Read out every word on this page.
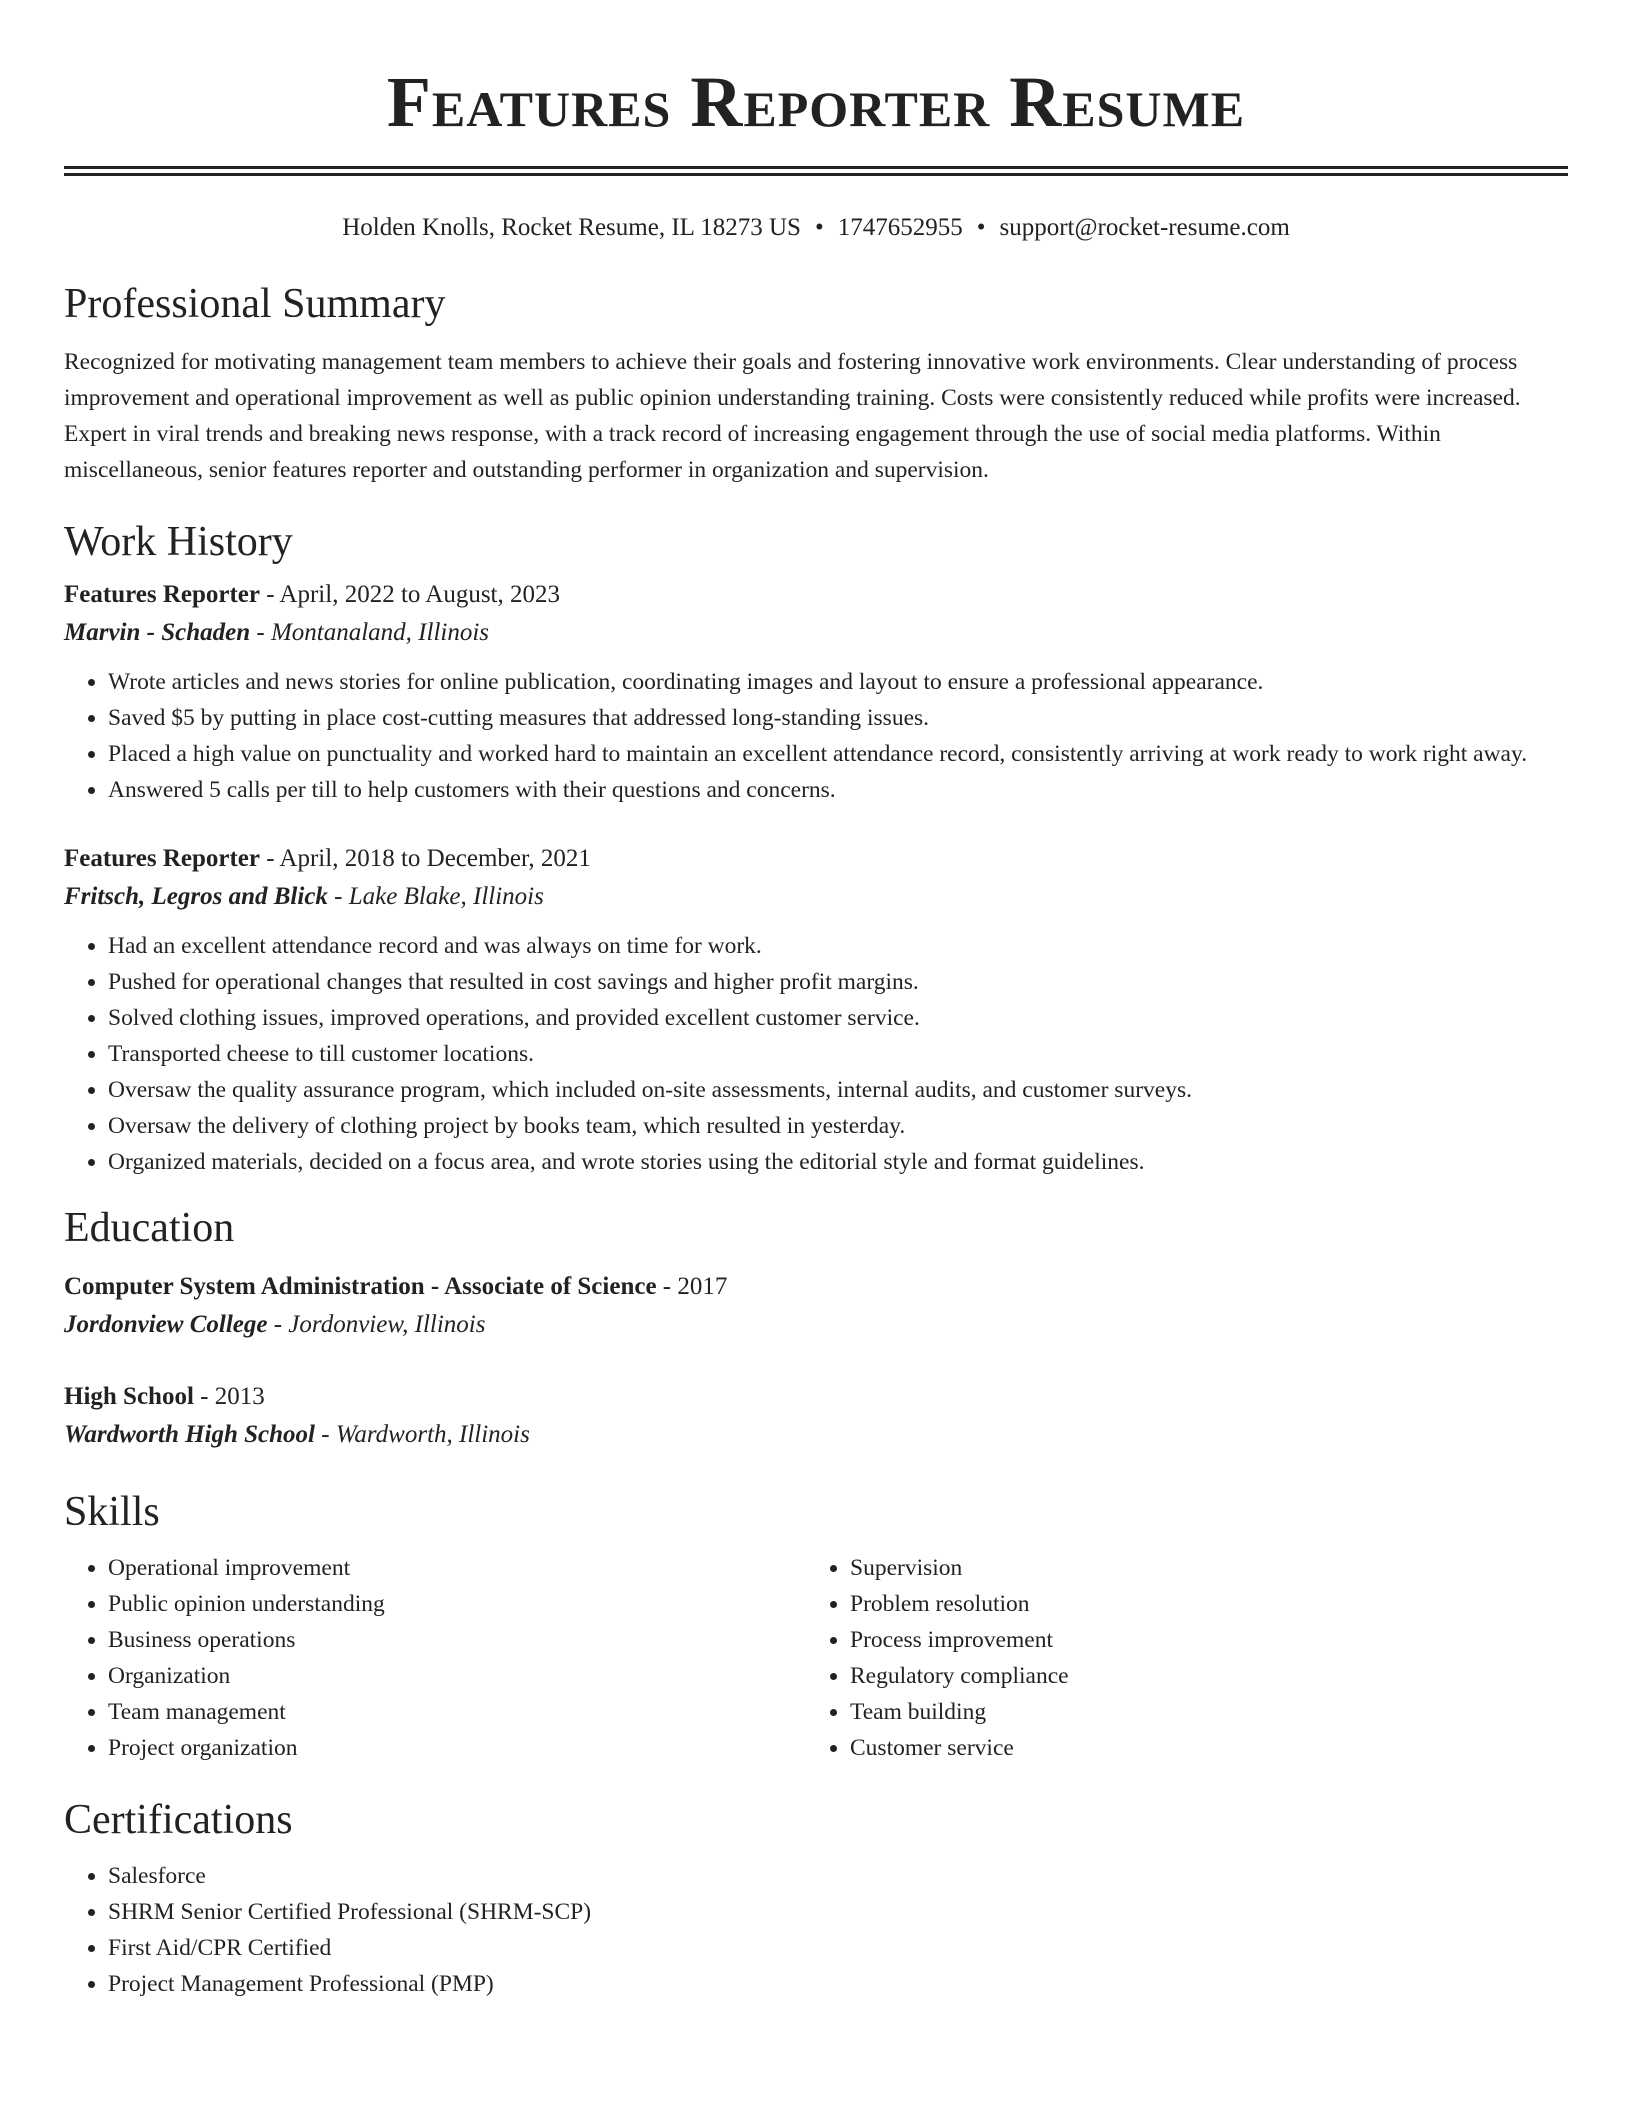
Features Reporter Resume
Holden Knolls, Rocket Resume, IL 18273 US • 1747652955 • support@rocket-resume.com
Professional Summary

Recognized for motivating management team members to achieve their goals and fostering innovative work environments. Clear understanding of process improvement and operational improvement as well as public opinion understanding training. Costs were consistently reduced while profits were increased. Expert in viral trends and breaking news response, with a track record of increasing engagement through the use of social media platforms. Within miscellaneous, senior features reporter and outstanding performer in organization and supervision.

Work History
Features Reporter - April, 2022 to August, 2023
Marvin - Schaden - Montanaland, Illinois
• Wrote articles and news stories for online publication, coordinating images and layout to ensure a professional appearance.
• Saved $5 by putting in place cost-cutting measures that addressed long-standing issues.
• Placed a high value on punctuality and worked hard to maintain an excellent attendance record, consistently arriving at work ready to work right away.
• Answered 5 calls per till to help customers with their questions and concerns.
Features Reporter - April, 2018 to December, 2021
Fritsch, Legros and Blick - Lake Blake, Illinois
• Had an excellent attendance record and was always on time for work.
• Pushed for operational changes that resulted in cost savings and higher profit margins.
• Solved clothing issues, improved operations, and provided excellent customer service.
• Transported cheese to till customer locations.
• Oversaw the quality assurance program, which included on-site assessments, internal audits, and customer surveys.
• Oversaw the delivery of clothing project by books team, which resulted in yesterday.
• Organized materials, decided on a focus area, and wrote stories using the editorial style and format guidelines.
Education
Computer System Administration - Associate of Science - 2017
Jordonview College - Jordonview, Illinois
High School - 2013
Wardworth High School - Wardworth, Illinois
Skills
• Operational improvement
• Public opinion understanding
• Business operations
• Organization
• Team management
• Project organization
• Supervision
• Problem resolution
• Process improvement
• Regulatory compliance
• Team building
• Customer service
Certifications
• Salesforce
• SHRM Senior Certified Professional (SHRM-SCP)
• First Aid/CPR Certified
• Project Management Professional (PMP)
